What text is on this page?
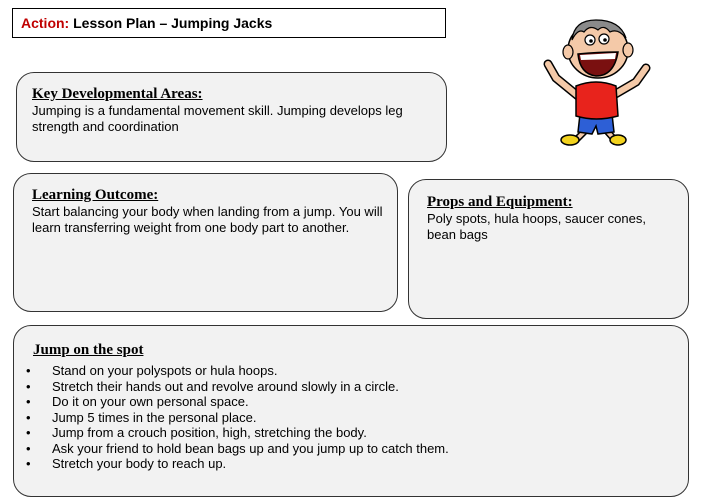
Action: Lesson Plan – Jumping Jacks
Key Developmental Areas:
Jumping is a fundamental movement skill. Jumping develops leg strength and coordination
Learning Outcome:
Start balancing your body when landing from a jump. You will learn transferring weight from one body part to another.
Props and Equipment:
Poly spots, hula hoops, saucer cones, bean bags
Jump on the spot
• Stand on your polyspots or hula hoops.
• Stretch their hands out and revolve around slowly in a circle.
• Do it on your own personal space.
• Jump 5 times in the personal place.
• Jump from a crouch position, high, stretching the body.
• Ask your friend to hold bean bags up and you jump up to catch them.
• Stretch your body to reach up.
